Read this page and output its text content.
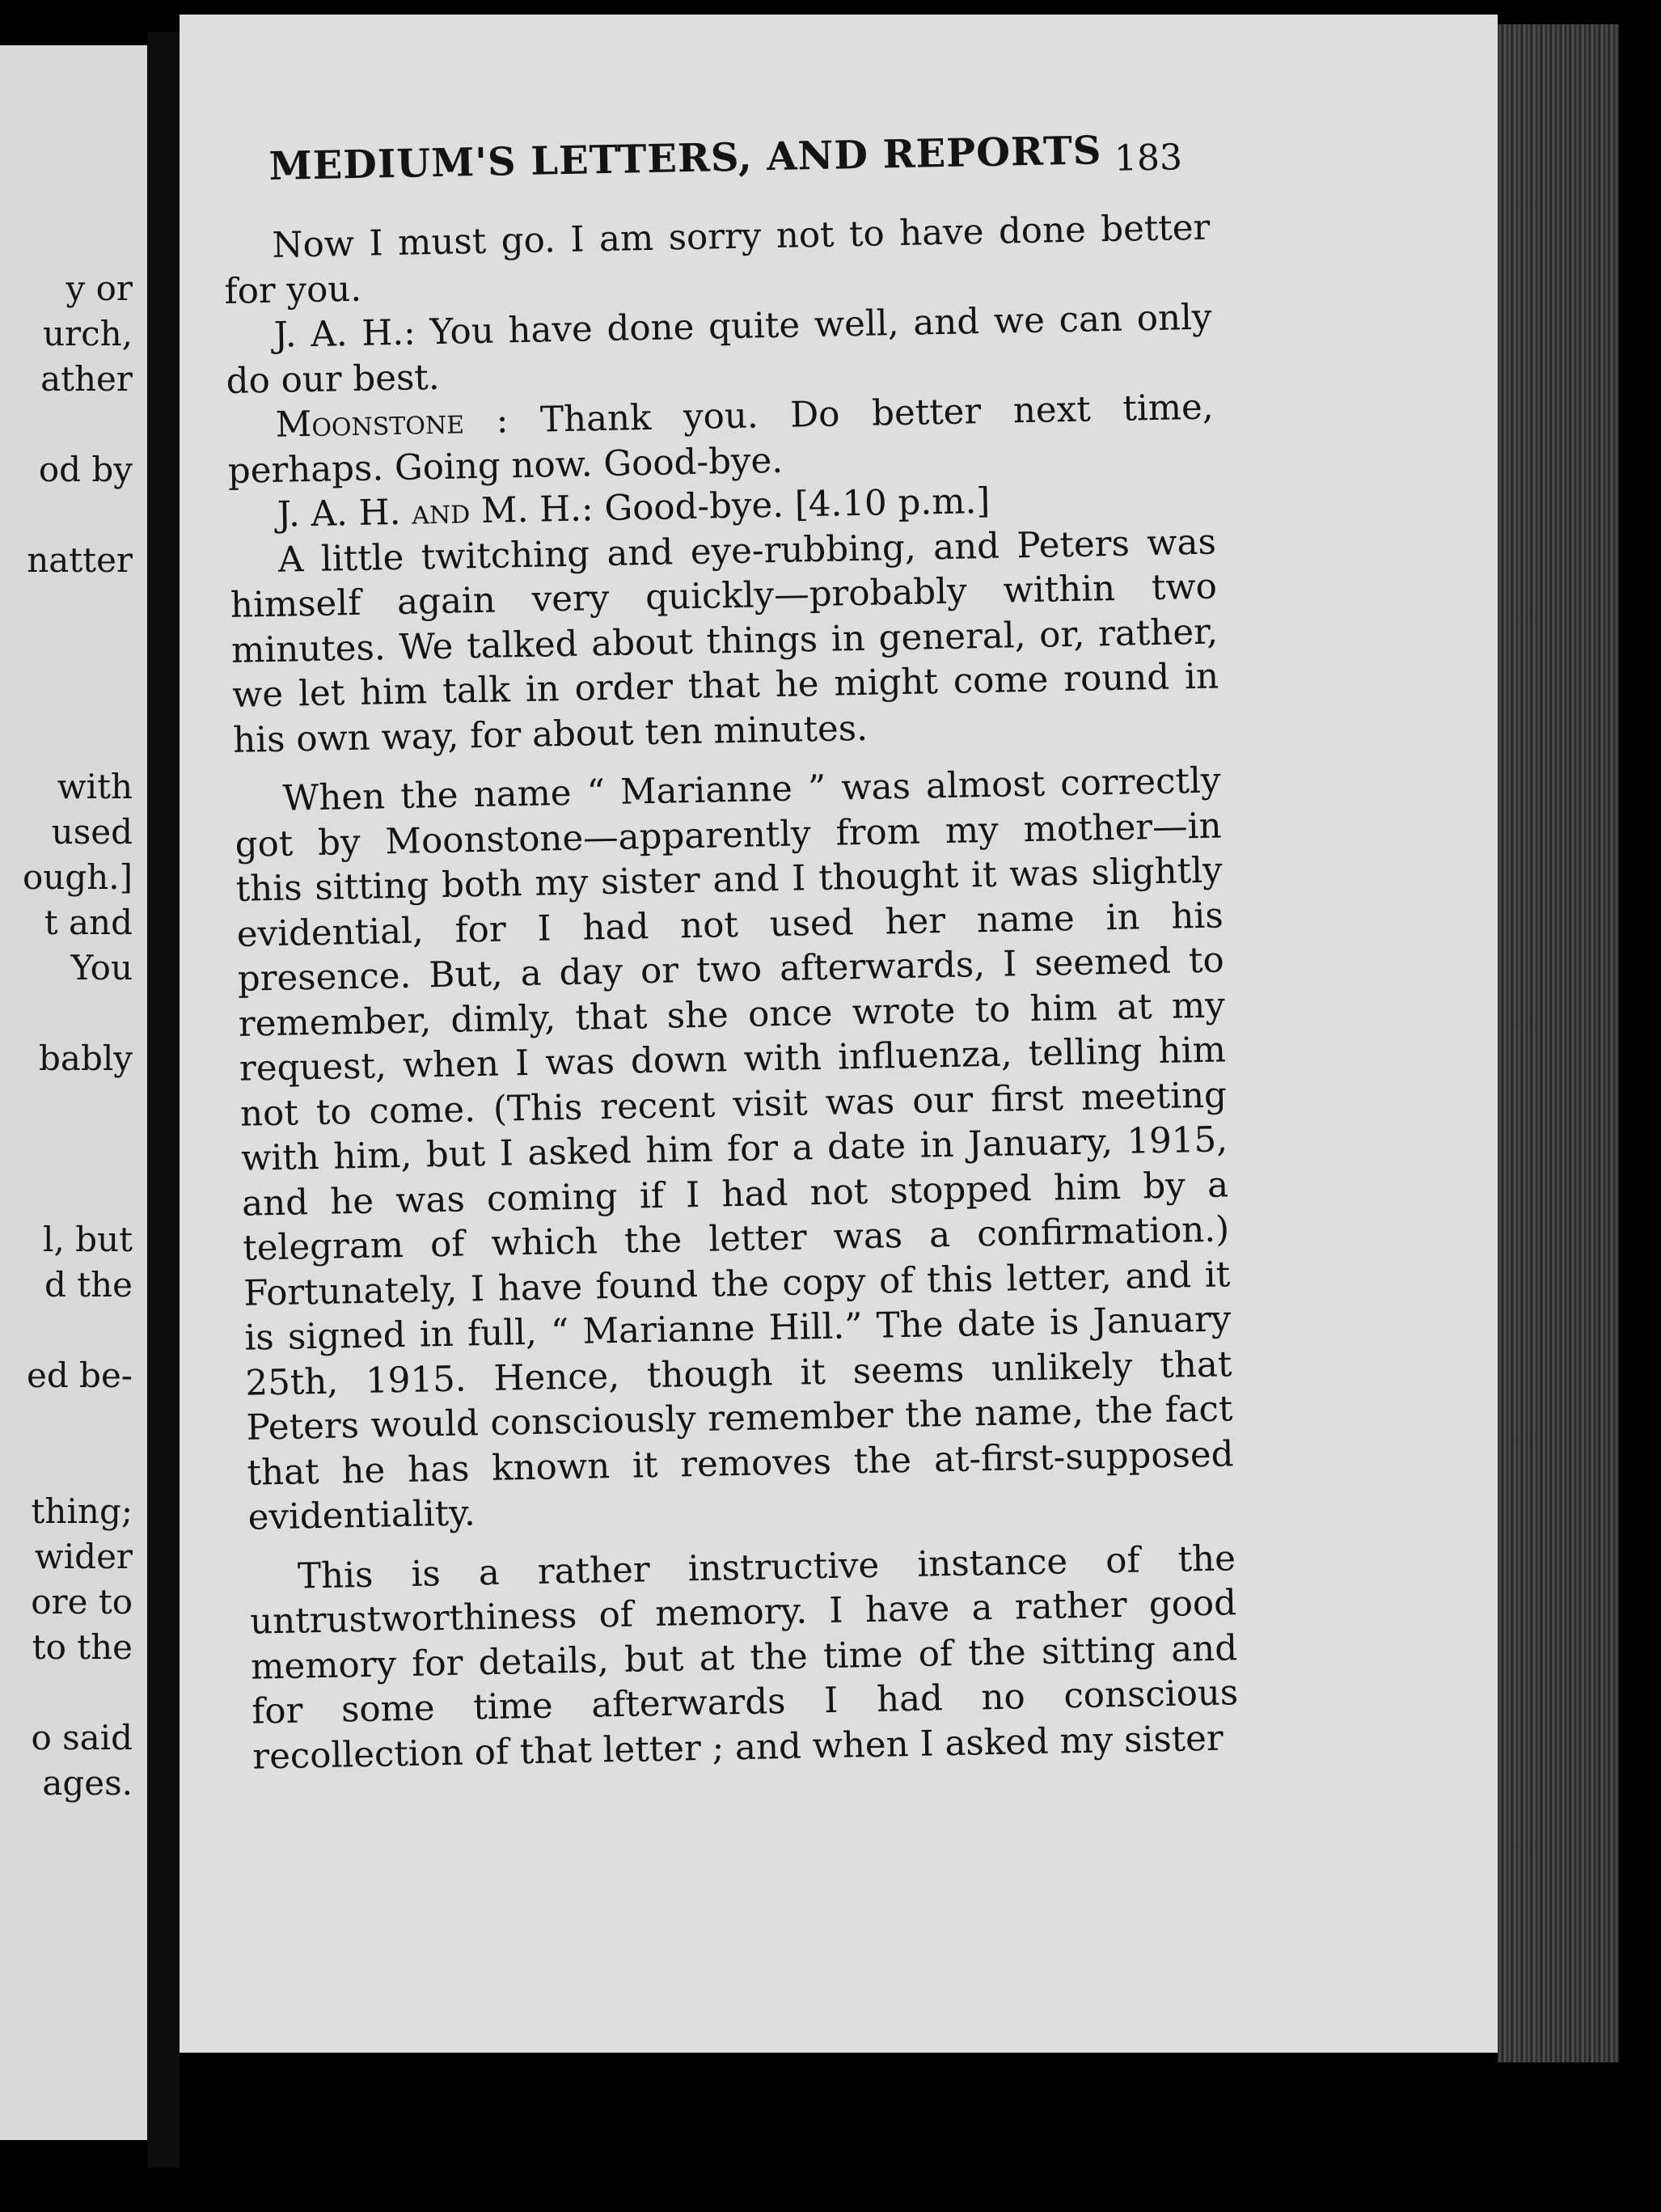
y or
urch,
ather
od by
natter
with
used
ough.]
t and
You
bably
l, but
d the
ed be-
thing;
wider
ore to
to the
o said
ages.
MEDIUM'S LETTERS, AND REPORTS 183

Now I must go. I am sorry not to have done better for you.

J. A. H.: You have done quite well, and we can only do our best.

Moonstone : Thank you. Do better next time, perhaps. Going now. Good-bye.

J. A. H. and M. H.: Good-bye. [4.10 p.m.]

A little twitching and eye-rubbing, and Peters was himself again very quickly—probably within two minutes. We talked about things in general, or, rather, we let him talk in order that he might come round in his own way, for about ten minutes.

When the name “ Marianne ” was almost correctly got by Moonstone—apparently from my mother—in this sitting both my sister and I thought it was slightly evidential, for I had not used her name in his presence. But, a day or two afterwards, I seemed to remember, dimly, that she once wrote to him at my request, when I was down with influenza, telling him not to come. (This recent visit was our first meeting with him, but I asked him for a date in January, 1915, and he was coming if I had not stopped him by a telegram of which the letter was a confirmation.) Fortunately, I have found the copy of this letter, and it is signed in full, “ Marianne Hill.” The date is January 25th, 1915. Hence, though it seems unlikely that Peters would consciously remember the name, the fact that he has known it removes the at-first-supposed evidentiality.

This is a rather instructive instance of the untrustworthiness of memory. I have a rather good memory for details, but at the time of the sitting and for some time afterwards I had no conscious recollection of that letter ; and when I asked my sister
